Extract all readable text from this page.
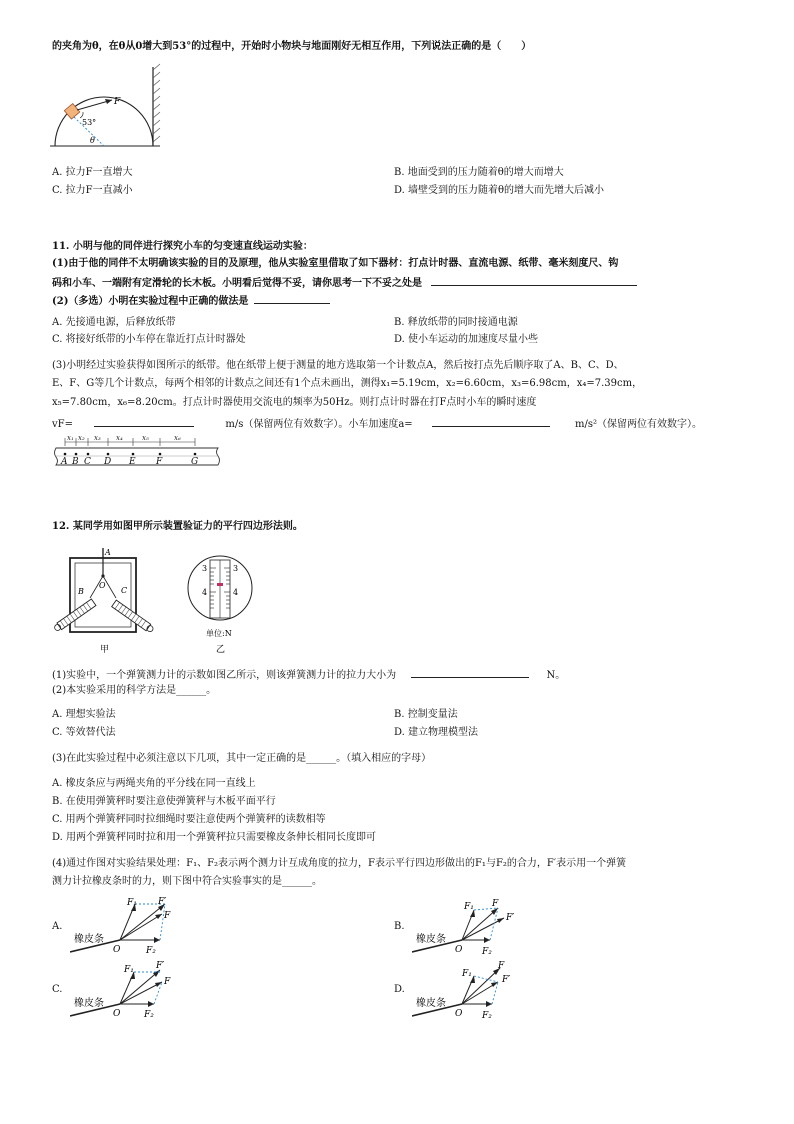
的夹角为θ，在θ从0增大到53°的过程中，开始时小物块与地面刚好无相互作用，下列说法正确的是（　　）
F
53°
θ
A. 拉力F一直增大	B. 地面受到的压力随着θ的增大而增大
C. 拉力F一直减小	D. 墙壁受到的压力随着θ的增大而先增大后减小
11. 小明与他的同伴进行探究小车的匀变速直线运动实验：
(1)由于他的同伴不太明确该实验的目的及原理，他从实验室里借取了如下器材：打点计时器、直流电源、纸带、毫米刻度尺、钩
码和小车、一端附有定滑轮的长木板。小明看后觉得不妥，请你思考一下不妥之处是
(2)（多选）小明在实验过程中正确的做法是
A. 先接通电源，后释放纸带	B. 释放纸带的同时接通电源
C. 将接好纸带的小车停在靠近打点计时器处	D. 使小车运动的加速度尽量小些
(3)小明经过实验获得如图所示的纸带。他在纸带上便于测量的地方选取第一个计数点A，然后按打点先后顺序取了A、B、C、D、
E、F、G等几个计数点，每两个相邻的计数点之间还有1个点未画出，测得x₁=5.19cm，x₂=6.60cm，x₃=6.98cm，x₄=7.39cm，
x₅=7.80cm，x₆=8.20cm。打点计时器使用交流电的频率为50Hz。则打点计时器在打F点时小车的瞬时速度
vF=	m/s（保留两位有效数字）。小车加速度a=	m/s²（保留两位有效数字）。
x₁ x₂ x₃ x₄	x₅	x₆
A B C D E F	G
12. 某同学用如图甲所示装置验证力的平行四边形法则。
A
O
B	C
甲
3	3
4	4
单位:N
乙
(1)实验中，一个弹簧测力计的示数如图乙所示，则该弹簧测力计的拉力大小为	N。
(2)本实验采用的科学方法是______。
A. 理想实验法	B. 控制变量法
C. 等效替代法	D. 建立物理模型法
(3)在此实验过程中必须注意以下几项，其中一定正确的是______。（填入相应的字母）
A. 橡皮条应与两绳夹角的平分线在同一直线上
B. 在使用弹簧秤时要注意使弹簧秤与木板平面平行
C. 用两个弹簧秤同时拉细绳时要注意使两个弹簧秤的读数相等
D. 用两个弹簧秤同时拉和用一个弹簧秤拉只需要橡皮条伸长相同长度即可
(4)通过作图对实验结果处理：F₁、F₂表示两个测力计互成角度的拉力，F表示平行四边形做出的F₁与F₂的合力，F′表示用一个弹簧
测力计拉橡皮条时的力，则下图中符合实验事实的是______。
A.	B.
C.	D.
橡皮条
O
F₁ F′
F
F₂
橡皮条
O
F₁ F
F′
F₂
橡皮条
O
F₁ F′
F
F₂
橡皮条
O
F₁
F
F′
F₂
